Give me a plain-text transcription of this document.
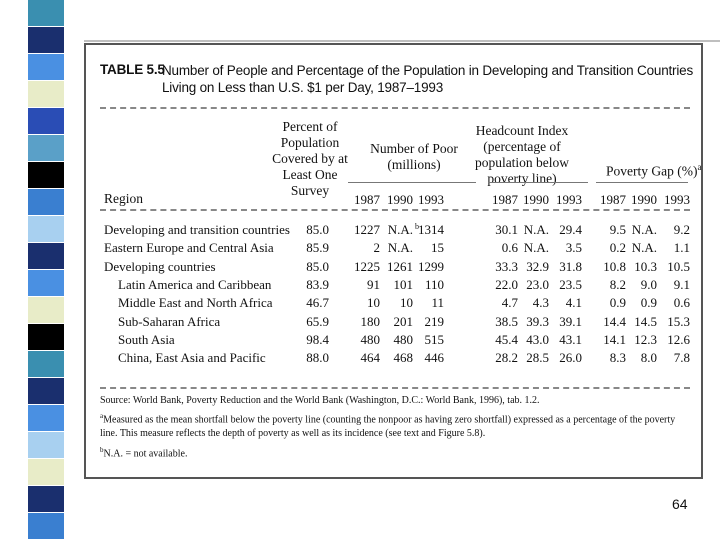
TABLE 5.5
Number of People and Percentage of the Population in Developing and Transition Countries Living on Less than U.S. $1 per Day, 1987–1993
Percent of Population Covered by at Least One Survey
Number of Poor (millions)
Headcount Index (percentage of population below poverty line)	Poverty Gap (%)$^a$
Region	1987 1990 1993	1987 1990 1993	1987 1990 1993
Developing and transition countries	85.0	1227 N.A. b 1314	30.1 N.A. 29.4	9.5 N.A.	9.2
Eastern Europe and Central Asia	85.9	2 N.A.	15	0.6 N.A.	3.5	0.2 N.A.	1.1
Developing countries	85.0	1225 1261 1299	33.3 32.9 31.8	10.8 10.3 10.5
Latin America and Caribbean	83.9	91	101 110	22.0 23.0 23.5	8.2	9.0	9.1
Middle East and North Africa	46.7	10	10	11	4.7	4.3	4.1	0.9	0.9	0.6
Sub-Saharan Africa	65.9	180	201 219	38.5 39.3 39.1	14.4 14.5 15.3
South Asia	98.4	480	480 515	45.4 43.0 43.1	14.1 12.3 12.6
China, East Asia and Pacific	88.0	464	468 446	28.2 28.5 26.0	8.3	8.0	7.8
Source: World Bank, Poverty Reduction and the World Bank (Washington, D.C.: World Bank, 1996), tab. 1.2.
$^a$Measured as the mean shortfall below the poverty line (counting the nonpoor as having zero shortfall) expressed as a percentage of the poverty line. This measure reflects the depth of poverty as well as its incidence (see text and Figure 5.8).
$^b$N.A. = not available.
64
